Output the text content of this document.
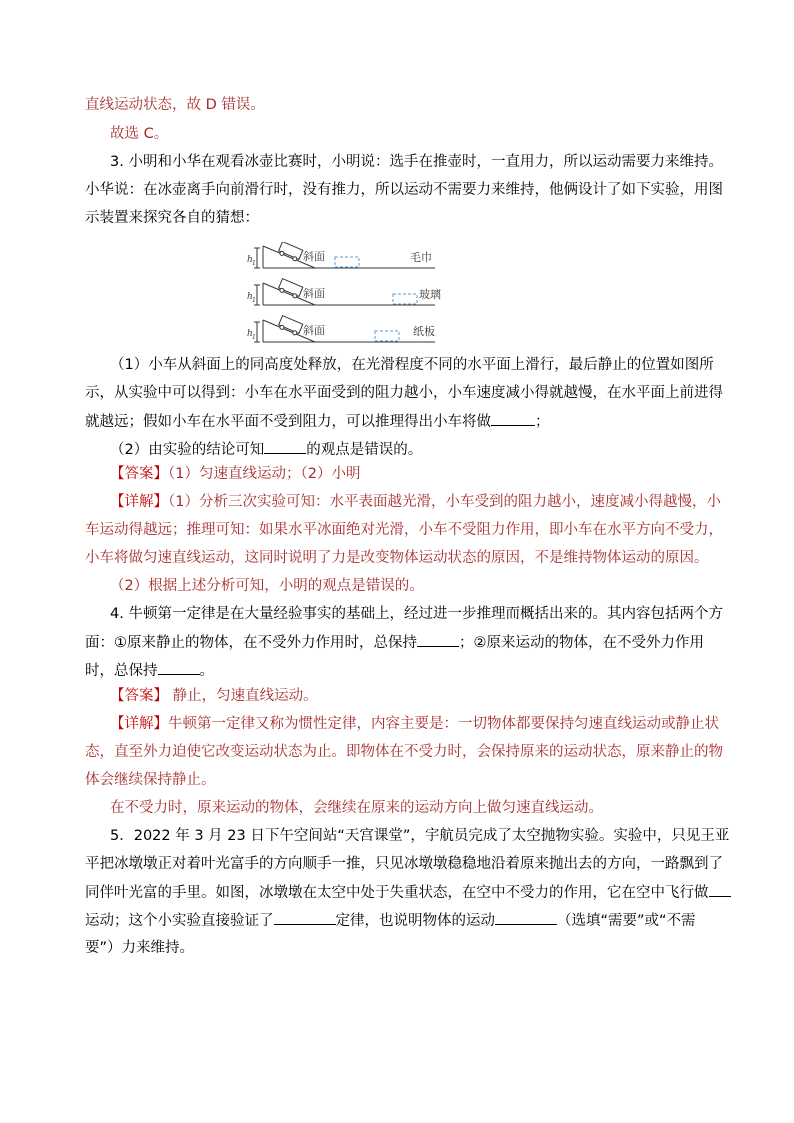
直线运动状态，故 D 错误。
故选 C。
3. 小明和小华在观看冰壶比赛时，小明说：选手在推壶时，一直用力，所以运动需要力来维持。
小华说：在冰壶离手向前滑行时，没有推力，所以运动不需要力来维持，他俩设计了如下实验，用图
示装置来探究各自的猜想：
h 1
斜面	毛巾
h 1
斜面	玻璃
h 1
斜面	纸板
（1）小车从斜面上的同高度处释放，在光滑程度不同的水平面上滑行，最后静止的位置如图所
示，从实验中可以得到：小车在水平面受到的阻力越小，小车速度减小得就越慢，在水平面上前进得
就越远；假如小车在水平面不受到阻力，可以推理得出小车将做	；
（2）由实验的结论可知	的观点是错误的。
【答案】（1）匀速直线运动；（2）小明
【详解】（1）分析三次实验可知：水平表面越光滑，小车受到的阻力越小，速度减小得越慢，小
车运动得越远；推理可知：如果水平冰面绝对光滑，小车不受阻力作用，即小车在水平方向不受力，
小车将做匀速直线运动，这同时说明了力是改变物体运动状态的原因，不是维持物体运动的原因。
（2）根据上述分析可知，小明的观点是错误的。
4. 牛顿第一定律是在大量经验事实的基础上，经过进一步推理而概括出来的。其内容包括两个方
面：①原来静止的物体，在不受外力作用时，总保持	；②原来运动的物体，在不受外力作用
时，总保持	。
【答案】 静止，匀速直线运动。
【详解】牛顿第一定律又称为惯性定律，内容主要是：一切物体都要保持匀速直线运动或静止状
态，直至外力迫使它改变运动状态为止。即物体在不受力时，会保持原来的运动状态，原来静止的物
体会继续保持静止。
在不受力时，原来运动的物体，会继续在原来的运动方向上做匀速直线运动。
5．2022 年 3 月 23 日下午空间站“天宫课堂”，宇航员完成了太空抛物实验。实验中，只见王亚
平把冰墩墩正对着叶光富手的方向顺手一推，只见冰墩墩稳稳地沿着原来抛出去的方向，一路飘到了
同伴叶光富的手里。如图，冰墩墩在太空中处于失重状态，在空中不受力的作用，它在空中飞行做
运动；这个小实验直接验证了	定律，也说明物体的运动	（选填“需要”或“不需
要”）力来维持。
